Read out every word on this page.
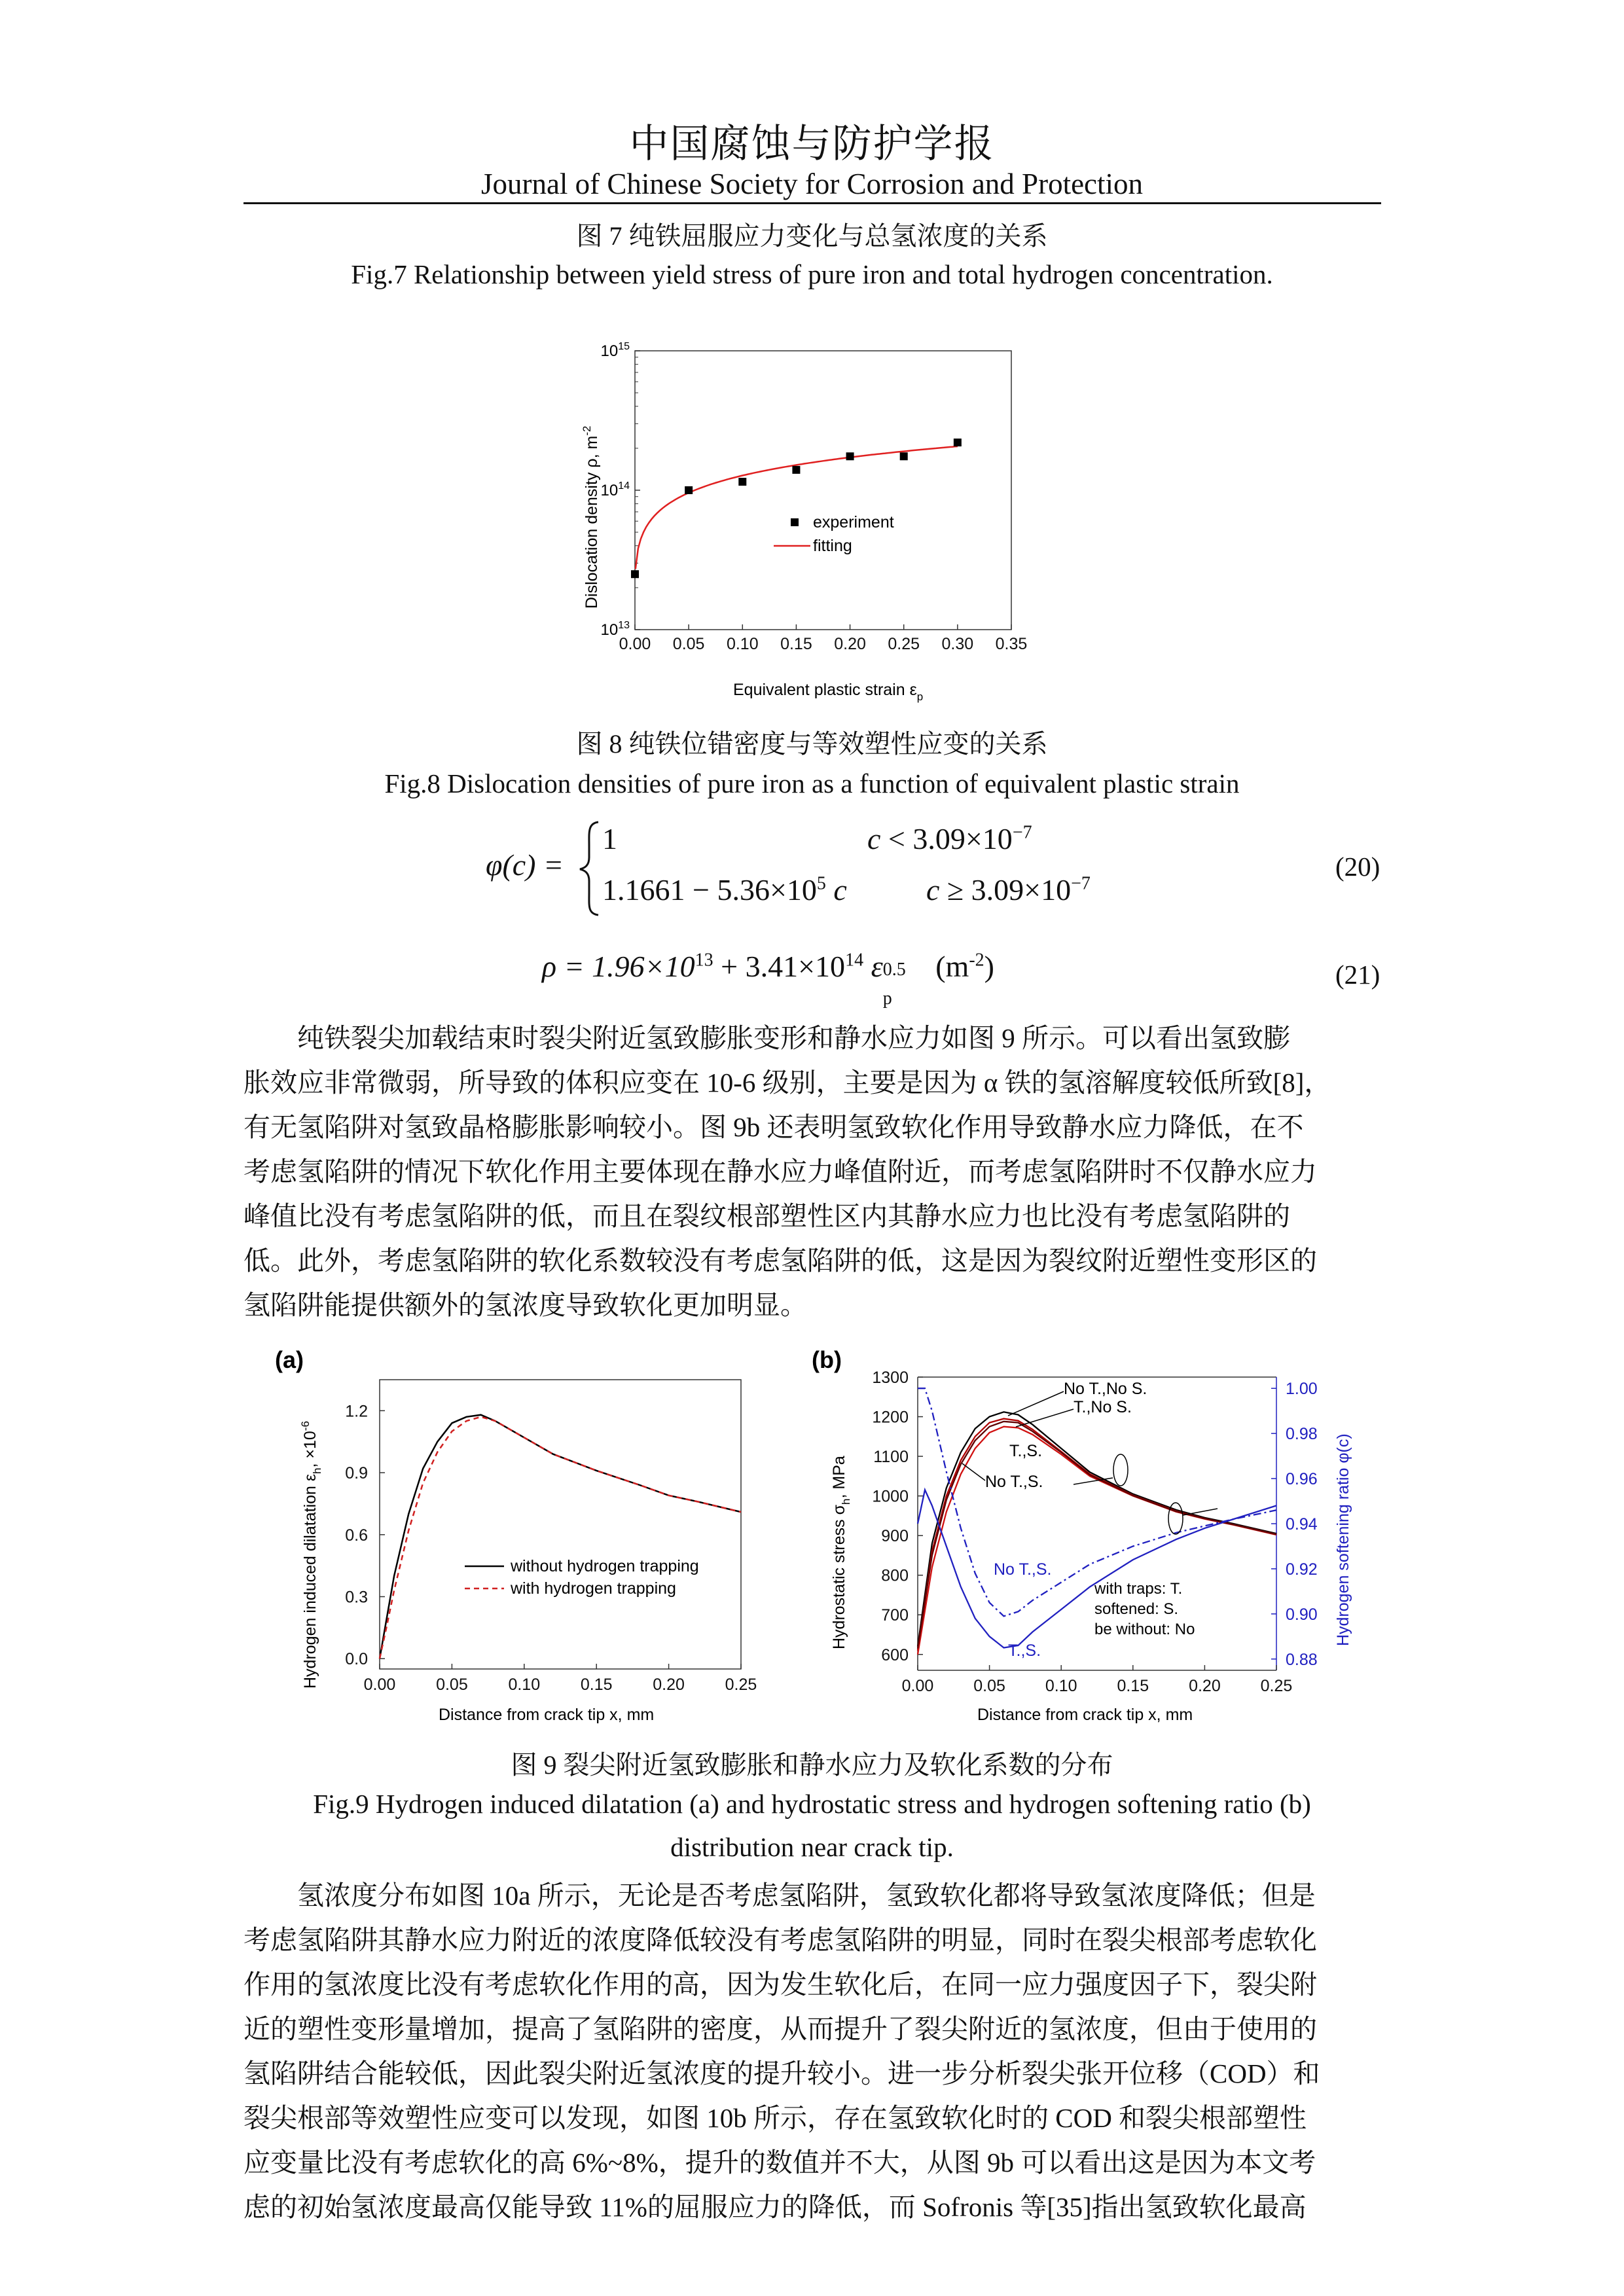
中国腐蚀与防护学报
Journal of Chinese Society for Corrosion and Protection
图 7 纯铁屈服应力变化与总氢浓度的关系
Fig.7 Relationship between yield stress of pure iron and total hydrogen concentration.
0.00 0.05 0.10 0.15 0.20 0.25 0.30 0.35
$10^{13}$
$10^{14}$
$10^{15}$
experiment
fitting
Equivalent plastic strain $\varepsilon_p$
Dislocation density ρ, $m^{-2}$
图 8 纯铁位错密度与等效塑性应变的关系
Fig.8 Dislocation densities of pure iron as a function of equivalent plastic strain
φ(c) =
1	$c < 3.09\times 10^{-7}$
$1.1661 - 5.36\times 10^5$ c	$c \ge 3.09\times 10^{-7}$
(20)
$\rho = 1.96\times 10^{13} + 3.41\times 10^{14}$ ε 0.5
p
$(m^{-2})$	(21)
　　纯铁裂尖加载结束时裂尖附近氢致膨胀变形和静水应力如图 9 所示。可以看出氢致膨
胀效应非常微弱，所导致的体积应变在 10-6 级别，主要是因为 α 铁的氢溶解度较低所致[8]，
有无氢陷阱对氢致晶格膨胀影响较小。图 9b 还表明氢致软化作用导致静水应力降低，在不
考虑氢陷阱的情况下软化作用主要体现在静水应力峰值附近，而考虑氢陷阱时不仅静水应力
峰值比没有考虑氢陷阱的低，而且在裂纹根部塑性区内其静水应力也比没有考虑氢陷阱的
低。此外，考虑氢陷阱的软化系数较没有考虑氢陷阱的低，这是因为裂纹附近塑性变形区的
氢陷阱能提供额外的氢浓度导致软化更加明显。
(a)
0.00 0.05 0.10 0.15 0.20 0.25
0.0
0.3
0.6
0.9
1.2
without hydrogen trapping
with hydrogen trapping
Distance from crack tip x, mm
Hydrogen induced dilatation $\varepsilon_h$, $\times 10^{-6}$
(b)
0.00 0.05 0.10 0.15 0.20 0.25
600
700
800
900
1000
1100
1200
1300
0.88
0.90
0.92
0.94
0.96
0.98
1.00
No T.,No S.
T.,No S.
T.,S.
No T.,S.
No T.,S.
T.,S.
with traps: T.
softened: S.
be without: No
Distance from crack tip x, mm
Hydrostatic stress $\sigma_h$, MPa	Hydrogen softening ratio φ(c)
图 9 裂尖附近氢致膨胀和静水应力及软化系数的分布
Fig.9 Hydrogen induced dilatation (a) and hydrostatic stress and hydrogen softening ratio (b)
distribution near crack tip.
　　氢浓度分布如图 10a 所示，无论是否考虑氢陷阱，氢致软化都将导致氢浓度降低；但是
考虑氢陷阱其静水应力附近的浓度降低较没有考虑氢陷阱的明显，同时在裂尖根部考虑软化
作用的氢浓度比没有考虑软化作用的高，因为发生软化后，在同一应力强度因子下，裂尖附
近的塑性变形量增加，提高了氢陷阱的密度，从而提升了裂尖附近的氢浓度，但由于使用的
氢陷阱结合能较低，因此裂尖附近氢浓度的提升较小。进一步分析裂尖张开位移（COD）和
裂尖根部等效塑性应变可以发现，如图 10b 所示，存在氢致软化时的 COD 和裂尖根部塑性
应变量比没有考虑软化的高 6%~8%，提升的数值并不大，从图 9b 可以看出这是因为本文考
虑的初始氢浓度最高仅能导致 11%的屈服应力的降低，而 Sofronis 等[35]指出氢致软化最高
